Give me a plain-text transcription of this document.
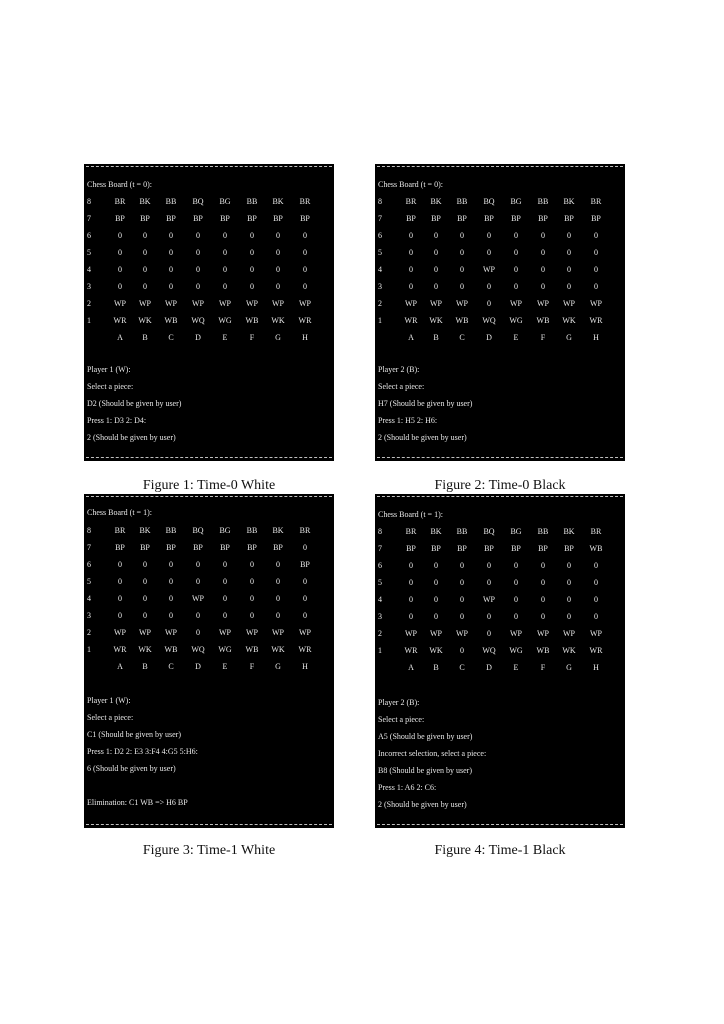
Chess Board (t = 0):
8	BR	BK	BB	BQ	BG	BB	BK	BR
7	BP	BP	BP	BP	BP	BP	BP	BP
6	0	0	0	0	0	0	0	0
5	0	0	0	0	0	0	0	0
4	0	0	0	0	0	0	0	0
3	0	0	0	0	0	0	0	0
2	WP	WP	WP	WP	WP	WP	WP	WP
1	WR	WK	WB	WQ	WG	WB	WK	WR
A	B	C	D	E	F	G	H
Player 1 (W):
Select a piece:
D2 (Should be given by user)
Press 1: D3 2: D4:
2 (Should be given by user)
Figure 1: Time-0 White
Chess Board (t = 0):
8	BR	BK	BB	BQ	BG	BB	BK	BR
7	BP	BP	BP	BP	BP	BP	BP	BP
6	0	0	0	0	0	0	0	0
5	0	0	0	0	0	0	0	0
4	0	0	0	WP	0	0	0	0
3	0	0	0	0	0	0	0	0
2	WP	WP	WP	0	WP	WP	WP	WP
1	WR	WK	WB	WQ	WG	WB	WK	WR
A	B	C	D	E	F	G	H
Player 2 (B):
Select a piece:
H7 (Should be given by user)
Press 1: H5 2: H6:
2 (Should be given by user)
Figure 2: Time-0 Black
Chess Board (t = 1):
8	BR	BK	BB	BQ	BG	BB	BK	BR
7	BP	BP	BP	BP	BP	BP	BP	0
6	0	0	0	0	0	0	0	BP
5	0	0	0	0	0	0	0	0
4	0	0	0	WP	0	0	0	0
3	0	0	0	0	0	0	0	0
2	WP	WP	WP	0	WP	WP	WP	WP
1	WR	WK	WB	WQ	WG	WB	WK	WR
A	B	C	D	E	F	G	H
Player 1 (W):
Select a piece:
C1 (Should be given by user)
Press 1: D2 2: E3 3:F4 4:G5 5:H6:
6 (Should be given by user)
Elimination: C1 WB => H6 BP
Figure 3: Time-1 White
Chess Board (t = 1):
8	BR	BK	BB	BQ	BG	BB	BK	BR
7	BP	BP	BP	BP	BP	BP	BP	WB
6	0	0	0	0	0	0	0	0
5	0	0	0	0	0	0	0	0
4	0	0	0	WP	0	0	0	0
3	0	0	0	0	0	0	0	0
2	WP	WP	WP	0	WP	WP	WP	WP
1	WR	WK	0	WQ	WG	WB	WK	WR
A	B	C	D	E	F	G	H
Player 2 (B):
Select a piece:
A5 (Should be given by user)
Incorrect selection, select a piece:
B8 (Should be given by user)
Press 1: A6 2: C6:
2 (Should be given by user)
Figure 4: Time-1 Black
